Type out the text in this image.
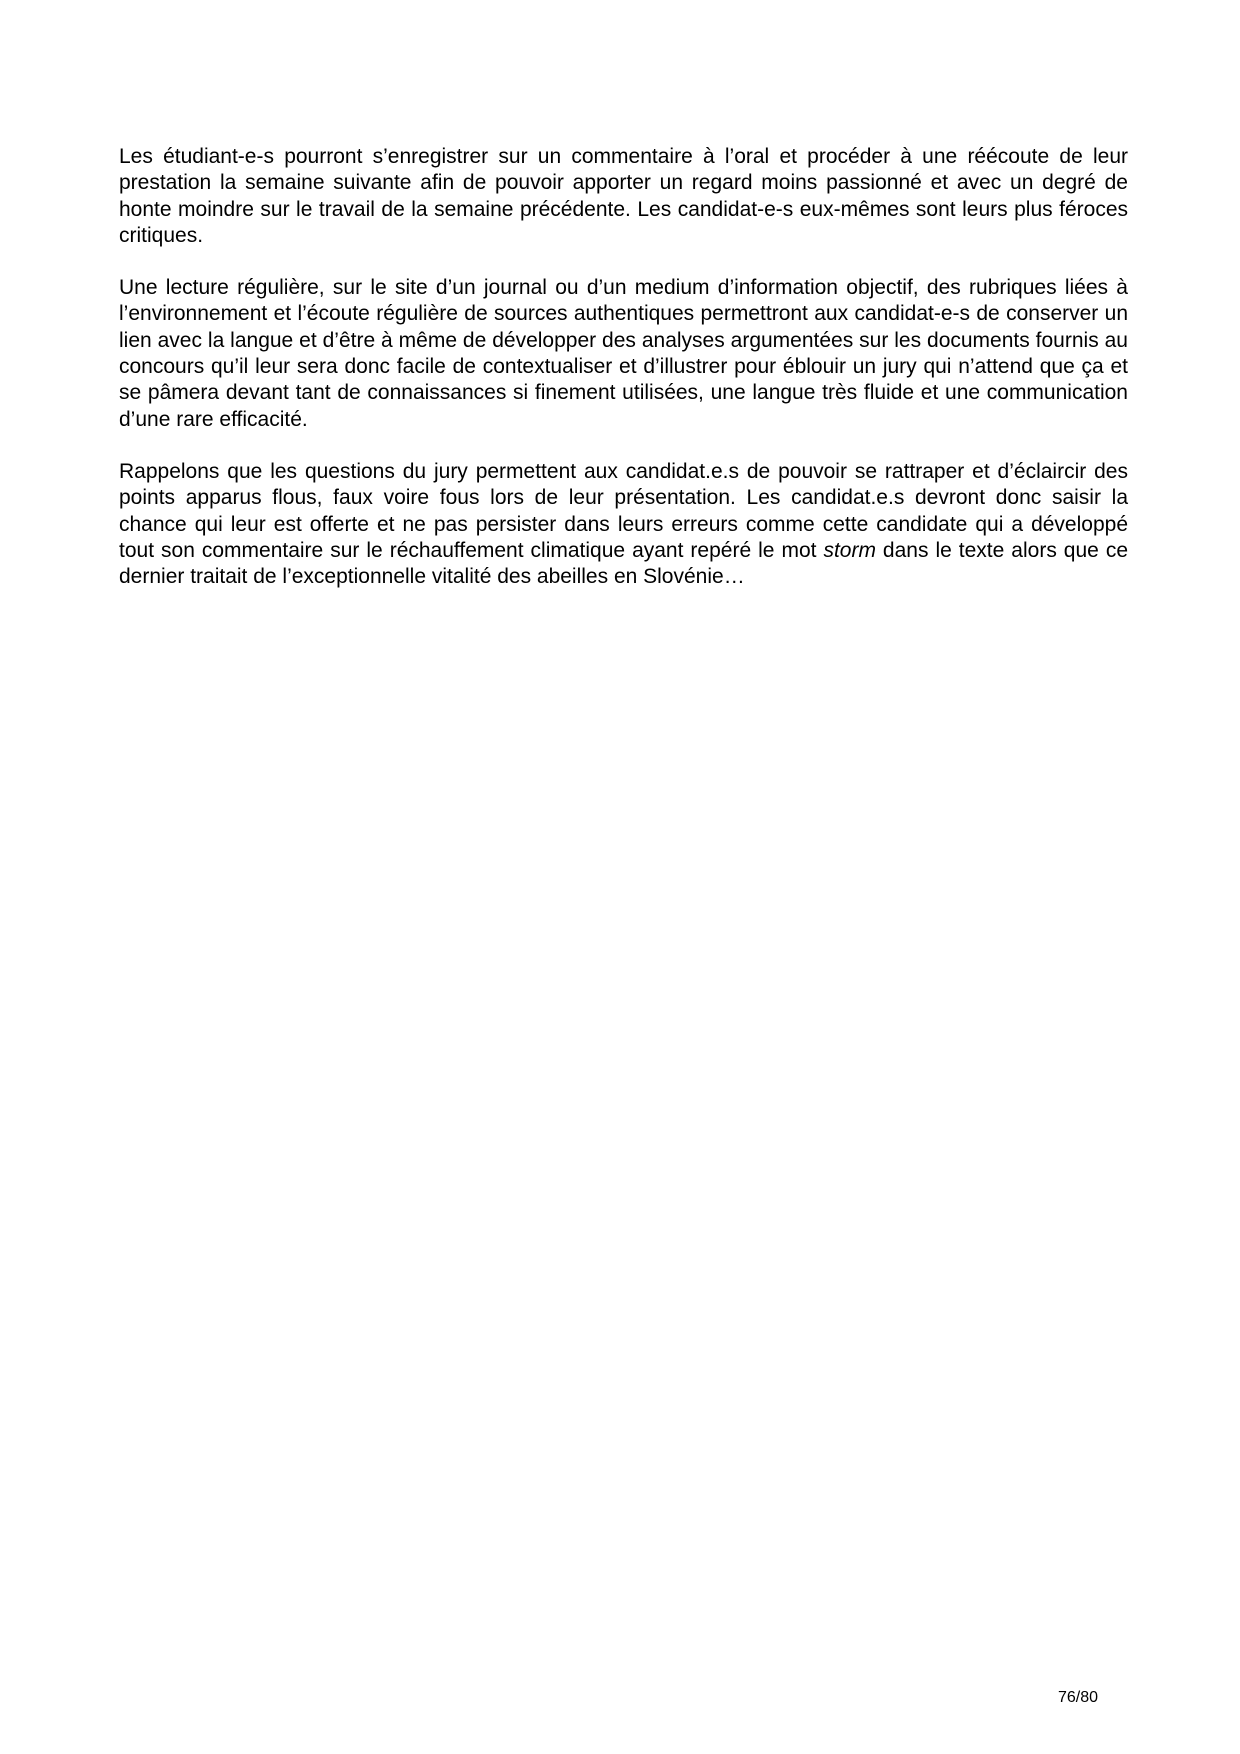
Les étudiant-e-s pourront s’enregistrer sur un commentaire à l’oral et procéder à une réécoute de leur prestation la semaine suivante afin de pouvoir apporter un regard moins passionné et avec un degré de honte moindre sur le travail de la semaine précédente. Les candidat-e-s eux-mêmes sont leurs plus féroces critiques.

Une lecture régulière, sur le site d’un journal ou d’un medium d’information objectif, des rubriques liées à l’environnement et l’écoute régulière de sources authentiques permettront aux candidat-e-s de conserver un lien avec la langue et d’être à même de développer des analyses argumentées sur les documents fournis au concours qu’il leur sera donc facile de contextualiser et d’illustrer pour éblouir un jury qui n’attend que ça et se pâmera devant tant de connaissances si finement utilisées, une langue très fluide et une communication d’une rare efficacité.

Rappelons que les questions du jury permettent aux candidat.e.s de pouvoir se rattraper et d’éclaircir des points apparus flous, faux voire fous lors de leur présentation. Les candidat.e.s devront donc saisir la chance qui leur est offerte et ne pas persister dans leurs erreurs comme cette candidate qui a développé tout son commentaire sur le réchauffement climatique ayant repéré le mot storm dans le texte alors que ce dernier traitait de l’exceptionnelle vitalité des abeilles en Slovénie…

76/80
